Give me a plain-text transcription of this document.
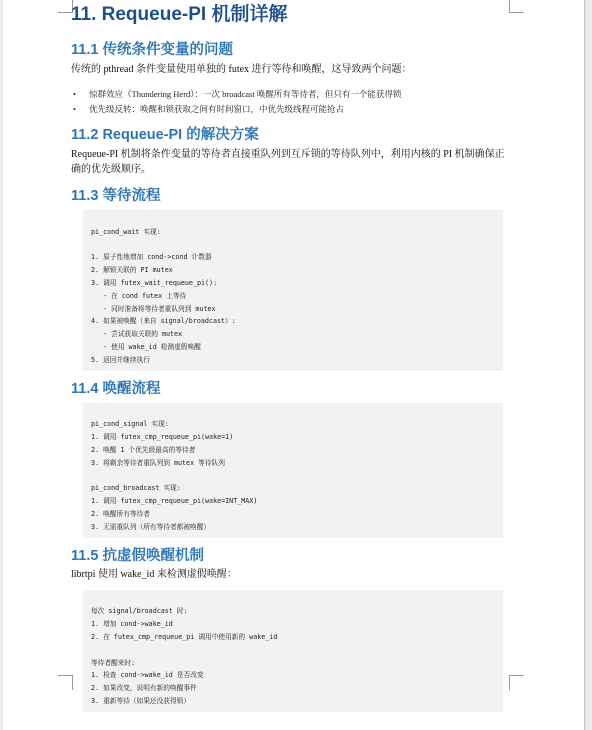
11. Requeue-PI 机制详解
11.1 传统条件变量的问题

传统的 pthread 条件变量使用单独的 futex 进行等待和唤醒，这导致两个问题：

• 惊群效应（Thundering Herd）：一次 broadcast 唤醒所有等待者，但只有一个能获得锁
• 优先级反转：唤醒和锁获取之间有时间窗口，中优先级线程可能抢占
11.2 Requeue-PI 的解决方案

Requeue-PI 机制将条件变量的等待者直接重队列到互斥锁的等待队列中，利用内核的 PI 机制确保正确的优先级顺序。

11.3 等待流程

pi_cond_wait 实现:
1. 原子性地增加 cond->cond 计数器
2. 解锁关联的 PI mutex
3. 调用 futex_wait_requeue_pi():
- 在 cond futex 上等待
- 同时准备将等待者重队列到 mutex
4. 如果被唤醒（来自 signal/broadcast）:
- 尝试获取关联的 mutex
- 使用 wake_id 检测虚假唤醒
5. 返回并继续执行
11.4 唤醒流程

pi_cond_signal 实现:
1. 调用 futex_cmp_requeue_pi(wake=1)
2. 唤醒 1 个优先级最高的等待者
3. 将剩余等待者重队列到 mutex 等待队列
pi_cond_broadcast 实现:
1. 调用 futex_cmp_requeue_pi(wake=INT_MAX)
2. 唤醒所有等待者
3. 无需重队列（所有等待者都被唤醒）
11.5 抗虚假唤醒机制

librtpi 使用 wake_id 来检测虚假唤醒：

每次 signal/broadcast 时:
1. 增加 cond->wake_id
2. 在 futex_cmp_requeue_pi 调用中使用新的 wake_id
等待者醒来时:
1. 检查 cond->wake_id 是否改变
2. 如果改变，说明有新的唤醒事件
3. 重新等待（如果还没获得锁）
